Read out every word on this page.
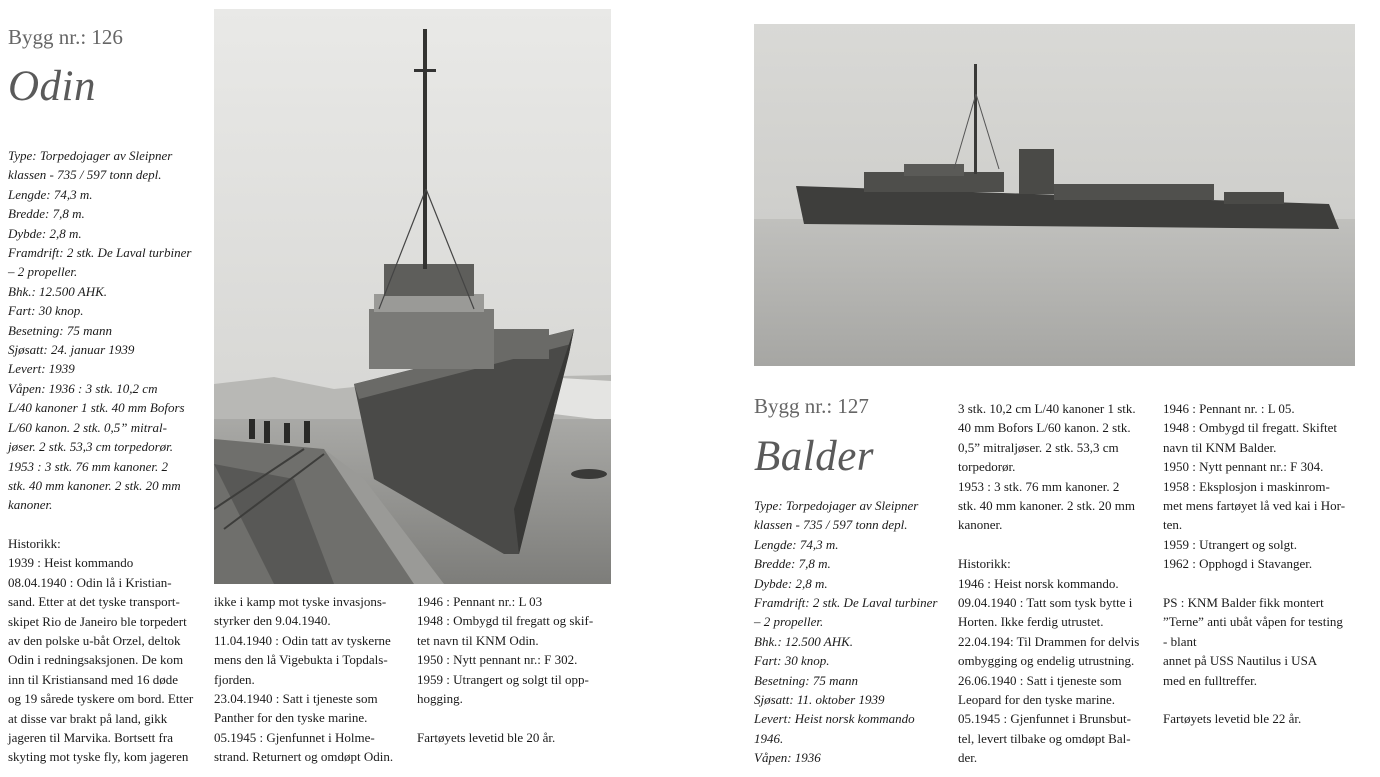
Bygg nr.: 126
Odin
Type: Torpedojager av Sleipner
klassen - 735 / 597 tonn depl.
Lengde: 74,3 m.
Bredde: 7,8 m.
Dybde: 2,8 m.
Framdrift: 2 stk. De Laval turbiner
– 2 propeller.
Bhk.: 12.500 AHK.
Fart: 30 knop.
Besetning: 75 mann
Sjøsatt: 24. januar 1939
Levert: 1939
Våpen: 1936 : 3 stk. 10,2 cm
L/40 kanoner 1 stk. 40 mm Bofors
L/60 kanon. 2 stk. 0,5” mitral-
jøser. 2 stk. 53,3 cm torpedorør.
1953 : 3 stk. 76 mm kanoner. 2
stk. 40 mm kanoner. 2 stk. 20 mm
kanoner.
Historikk:
1939 : Heist kommando
08.04.1940 : Odin lå i Kristian-
sand. Etter at det tyske transport-
skipet Rio de Janeiro ble torpedert
av den polske u-båt Orzel, deltok
Odin i redningsaksjonen. De kom
inn til Kristiansand med 16 døde
og 19 sårede tyskere om bord. Etter
at disse var brakt på land, gikk
jageren til Marvika. Bortsett fra
skyting mot tyske fly, kom jageren
ikke i kamp mot tyske invasjons-
styrker den 9.04.1940.
11.04.1940 : Odin tatt av tyskerne
mens den lå Vigebukta i Topdals-
fjorden.
23.04.1940 : Satt i tjeneste som
Panther for den tyske marine.
05.1945 : Gjenfunnet i Holme-
strand. Returnert og omdøpt Odin.
1946 : Pennant nr.: L 03
1948 : Ombygd til fregatt og skif-
tet navn til KNM Odin.
1950 : Nytt pennant nr.: F 302.
1959 : Utrangert og solgt til opp-
hogging.
Fartøyets levetid ble 20 år.
Bygg nr.: 127
Balder
Type: Torpedojager av Sleipner
klassen - 735 / 597 tonn depl.
Lengde: 74,3 m.
Bredde: 7,8 m.
Dybde: 2,8 m.
Framdrift: 2 stk. De Laval turbiner
– 2 propeller.
Bhk.: 12.500 AHK.
Fart: 30 knop.
Besetning: 75 mann
Sjøsatt: 11. oktober 1939
Levert: Heist norsk kommando
1946.
Våpen: 1936
3 stk. 10,2 cm L/40 kanoner 1 stk.
40 mm Bofors L/60 kanon. 2 stk.
0,5” mitraljøser. 2 stk. 53,3 cm
torpedorør.
1953 : 3 stk. 76 mm kanoner. 2
stk. 40 mm kanoner. 2 stk. 20 mm
kanoner.
Historikk:
1946 : Heist norsk kommando.
09.04.1940 : Tatt som tysk bytte i
Horten. Ikke ferdig utrustet.
22.04.194: Til Drammen for delvis
ombygging og endelig utrustning.
26.06.1940 : Satt i tjeneste som
Leopard for den tyske marine.
05.1945 : Gjenfunnet i Brunsbut-
tel, levert tilbake og omdøpt Bal-
der.
1946 : Pennant nr. : L 05.
1948 : Ombygd til fregatt. Skiftet
navn til KNM Balder.
1950 : Nytt pennant nr.: F 304.
1958 : Eksplosjon i maskinrom-
met mens fartøyet lå ved kai i Hor-
ten.
1959 : Utrangert og solgt.
1962 : Opphogd i Stavanger.
PS : KNM Balder fikk montert
”Terne” anti ubåt våpen for testing
- blant
annet på USS Nautilus i USA
med en fulltreffer.
Fartøyets levetid ble 22 år.
